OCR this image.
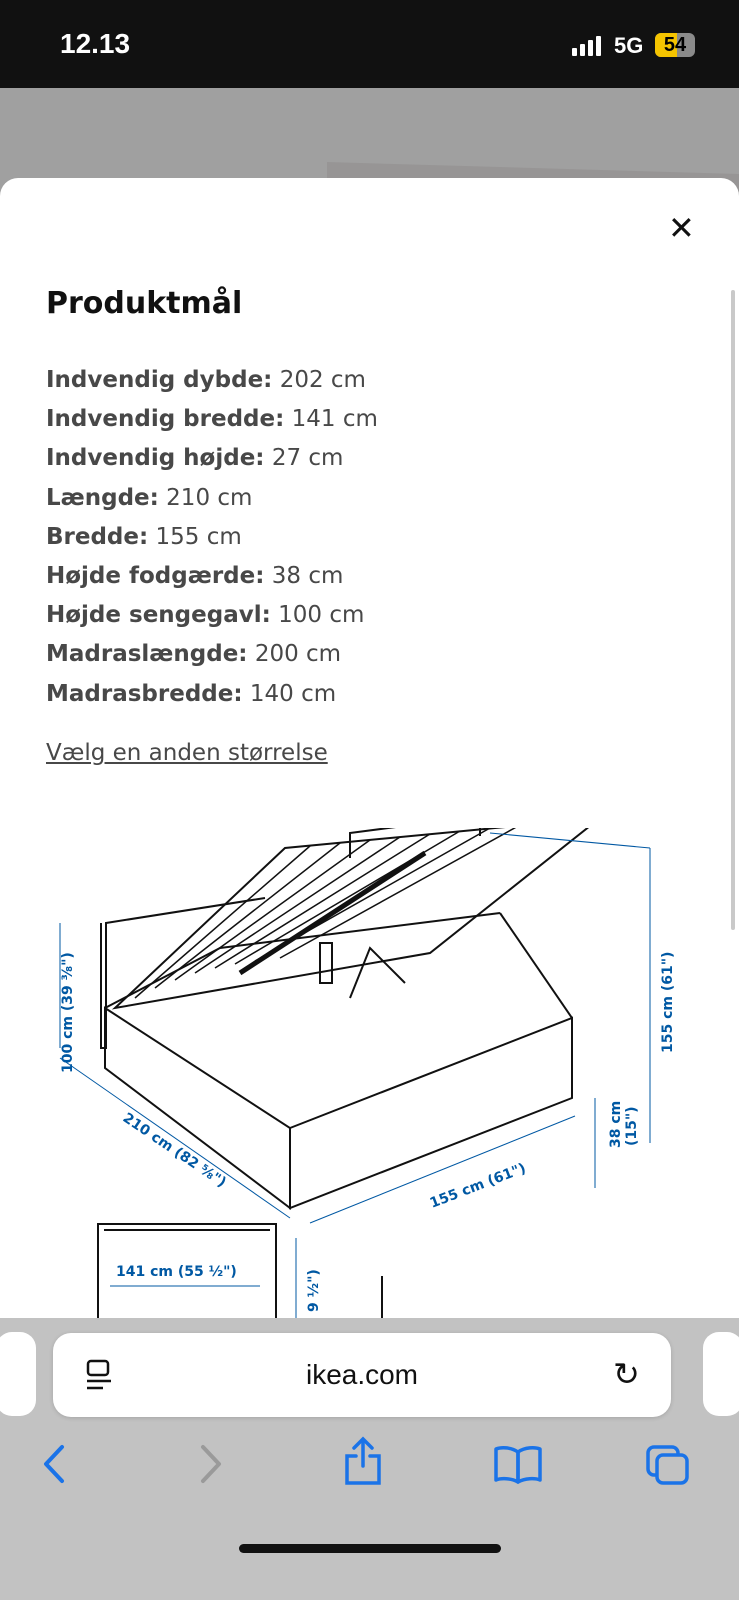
12.13	5G	54
✕
Produktmål
Indvendig dybde: 202 cm
Indvendig bredde: 141 cm
Indvendig højde: 27 cm
Længde: 210 cm
Bredde: 155 cm
Højde fodgærde: 38 cm
Højde sengegavl: 100 cm
Madraslængde: 200 cm
Madrasbredde: 140 cm
Vælg en anden størrelse
100 cm (39 ⅜")	155 cm (61")
210 cm (82 ⅝")	155 cm (61")
38 cm (15")
141 cm (55 ½")	9 ½")
ikea.com	↻
